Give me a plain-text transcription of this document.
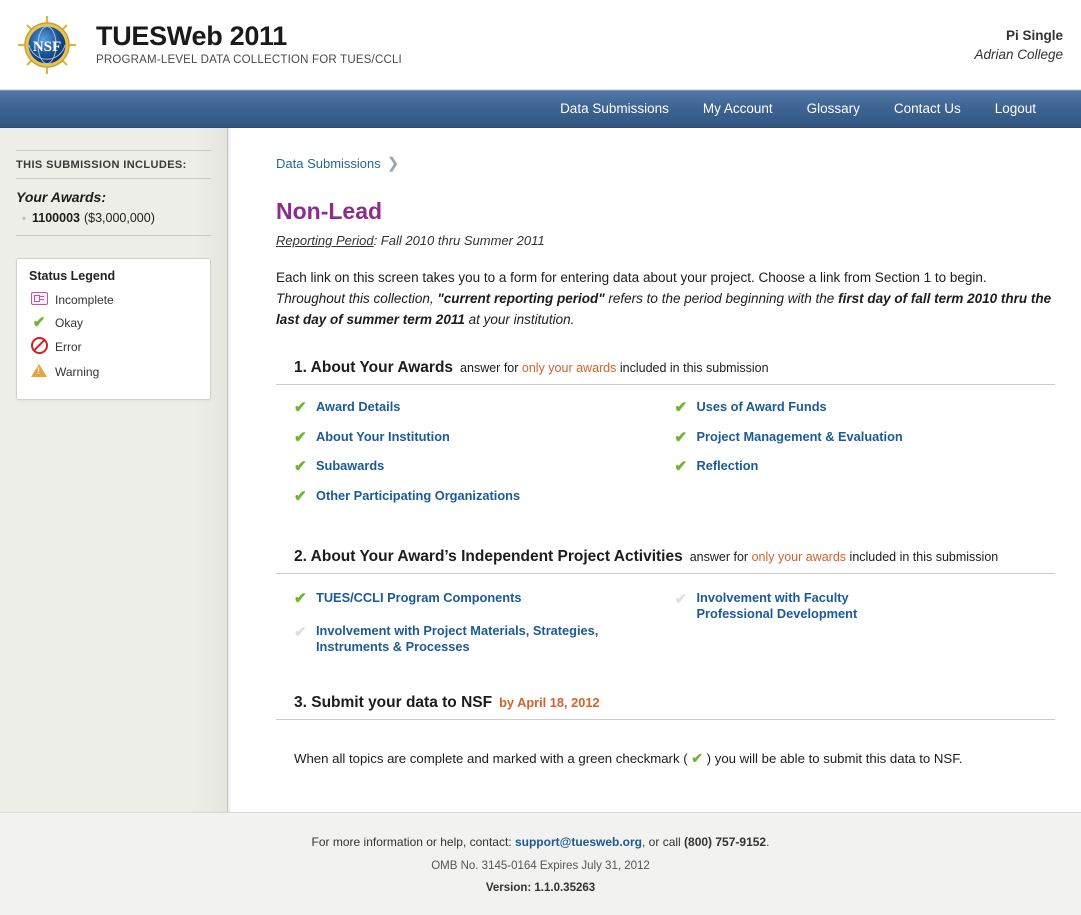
NSF TUESWeb 2011
PROGRAM-LEVEL DATA COLLECTION FOR TUES/CCLI
Pi Single
Adrian College
Data Submissions	My Account	Glossary	Contact Us	Logout
THIS SUBMISSION INCLUDES:
Your Awards:
◦ 1100003 ($3,000,000)
Status Legend
Incomplete
✔ Okay
Error
!
Warning
Data Submissions ❯
Non-Lead
Reporting Period: Fall 2010 thru Summer 2011
Each link on this screen takes you to a form for entering data about your project. Choose a link from Section 1 to begin. Throughout this collection, "current reporting period" refers to the period beginning with the first day of fall term 2010 thru the last day of summer term 2011 at your institution.
1. About Your Awards answer for only your awards included in this submission
✔ Award Details
✔ About Your Institution
✔ Subawards
✔ Other Participating Organizations
✔ Uses of Award Funds
✔ Project Management & Evaluation
✔ Reflection
2. About Your Award’s Independent Project Activities answer for only your awards included in this submission
✔ TUES/CCLI Program Components
✔ Involvement with Project Materials, Strategies, Instruments & Processes
✔ Involvement with Faculty Professional Development
3. Submit your data to NSF by April 18, 2012
When all topics are complete and marked with a green checkmark ( ✔ ) you will be able to submit this data to NSF.
For more information or help, contact: support@tuesweb.org, or call (800) 757-9152.
OMB No. 3145-0164 Expires July 31, 2012
Version: 1.1.0.35263
